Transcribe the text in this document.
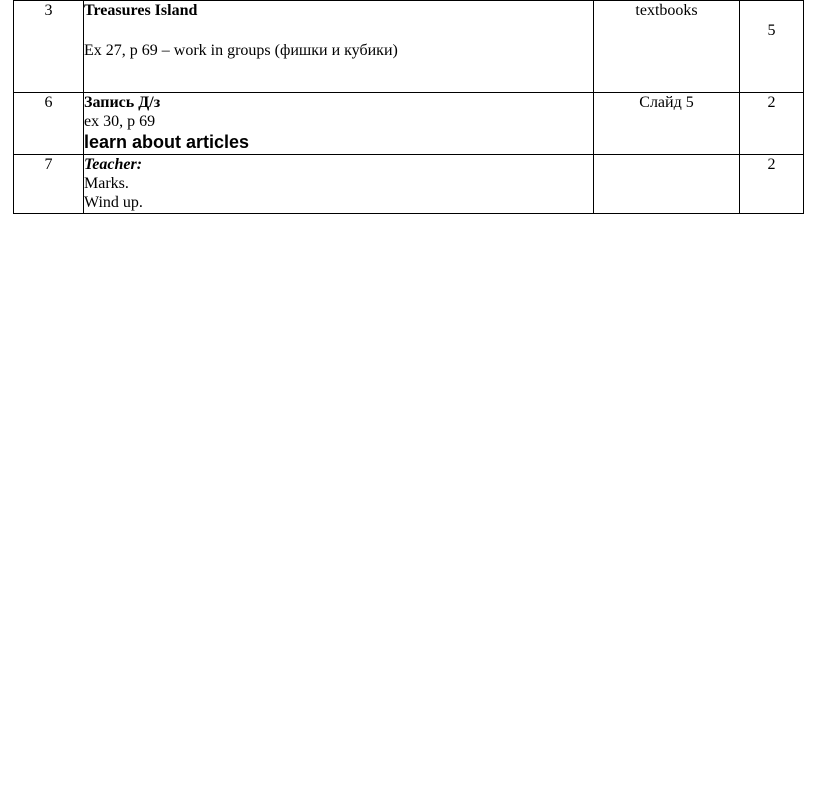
3	Treasures Island
Ex 27, p 69 – work in groups (фишки и кубики)	textbooks	5

6	Запись Д/з
ex 30, p 69
learn about articles	Слайд 5	2
7	Teacher:
Marks.
Wind up.		2
